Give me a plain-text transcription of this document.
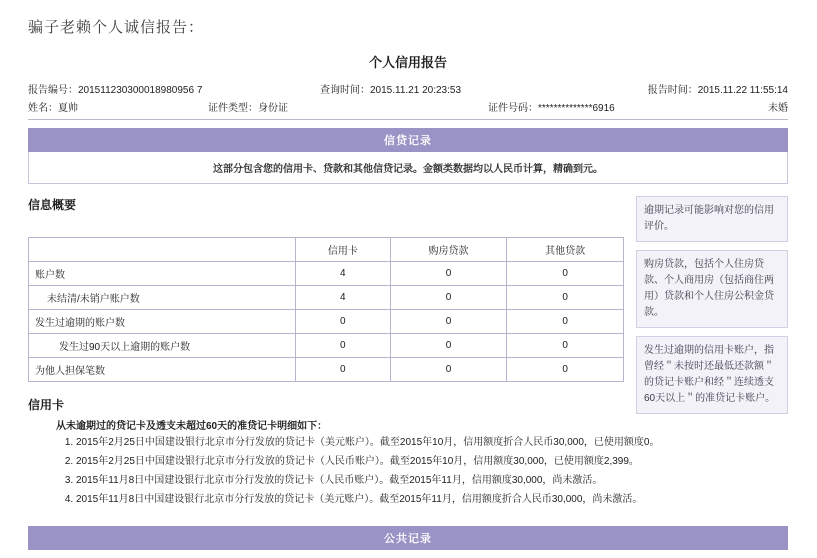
骗子老赖个人诚信报告：
个人信用报告
报告编号：201511230300018980956 7	查询时间：2015.11.21 20:23:53	报告时间：2015.11.22 11:55:14
姓名：夏帅	证件类型：身份证	证件号码：**************6916	未婚
信贷记录
这部分包含您的信用卡、贷款和其他信贷记录。金额类数据均以人民币计算，精确到元。
信息概要
	信用卡	购房贷款	其他贷款
账户数	4	0	0
未结清/未销户账户数	4	0	0
发生过逾期的账户数	0	0	0
发生过90天以上逾期的账户数	0	0	0
为他人担保笔数	0	0	0
逾期记录可能影响对您的信用评价。
购房贷款，包括个人住房贷款、个人商用房（包括商住两用）贷款和个人住房公积金贷款。
发生过逾期的信用卡账户，指曾经＂未按时还最低还款额＂的贷记卡账户和经＂连续透支60天以上＂的准贷记卡账户。
信用卡
从未逾期过的贷记卡及透支未超过60天的准贷记卡明细如下：
1. 2015年2月25日中国建设银行北京市分行发放的贷记卡（美元账户）。截至2015年10月，信用额度折合人民币30,000，已使用额度0。
2. 2015年2月25日中国建设银行北京市分行发放的贷记卡（人民币账户）。截至2015年10月，信用额度30,000，已使用额度2,399。
3. 2015年11月8日中国建设银行北京市分行发放的贷记卡（人民币账户）。截至2015年11月，信用额度30,000，尚未激活。
4. 2015年11月8日中国建设银行北京市分行发放的贷记卡（美元账户）。截至2015年11月，信用额度折合人民币30,000，尚未激活。
公共记录
